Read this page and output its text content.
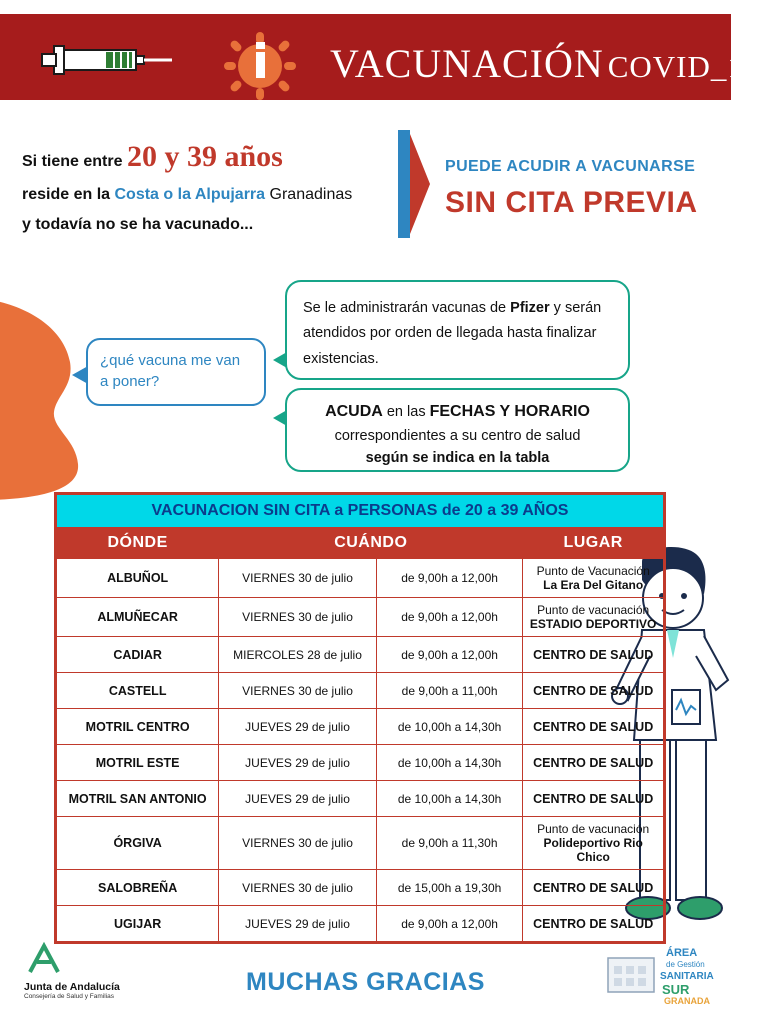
VACUNACIÓN COVID_19
Si tiene entre 20 y 39 años
reside en la Costa o la Alpujarra Granadinas
y todavía no se ha vacunado...
PUEDE ACUDIR A VACUNARSE
SIN CITA PREVIA
¿qué vacuna me van a poner?
Se le administrarán vacunas de Pfizer y serán atendidos por orden de llegada hasta finalizar existencias.
ACUDA en las FECHAS Y HORARIO
correspondientes a su centro de salud
según se indica en la tabla
VACUNACION SIN CITA a PERSONAS de 20 a 39 AÑOS			
DÓNDE	CUÁNDO		LUGAR
ALBUÑOL	VIERNES 30 de julio	de 9,00h a 12,00h	Punto de Vacunación
La Era Del Gitano

ALMUÑECAR	VIERNES 30 de julio	de 9,00h a 12,00h	Punto de vacunación
ESTADIO DEPORTIVO

CADIAR	MIERCOLES 28 de julio	de 9,00h a 12,00h	CENTRO DE SALUD

CASTELL	VIERNES 30 de julio	de 9,00h a 11,00h	CENTRO DE SALUD

MOTRIL CENTRO	JUEVES 29 de julio	de 10,00h a 14,30h	CENTRO DE SALUD

MOTRIL ESTE	JUEVES 29 de julio	de 10,00h a 14,30h	CENTRO DE SALUD

MOTRIL SAN ANTONIO	JUEVES 29 de julio	de 10,00h a 14,30h	CENTRO DE SALUD

ÓRGIVA	VIERNES 30 de julio	de 9,00h a 11,30h	Punto de vacunación
Polideportivo Rio Chico

SALOBREÑA	VIERNES 30 de julio	de 15,00h a 19,30h	CENTRO DE SALUD

UGIJAR	JUEVES 29 de julio	de 9,00h a 12,00h	CENTRO DE SALUD
Junta de Andalucía
Consejería de Salud y Familias
MUCHAS GRACIAS
ÁREA
de Gestión
SANITARIA
SUR
GRANADA
